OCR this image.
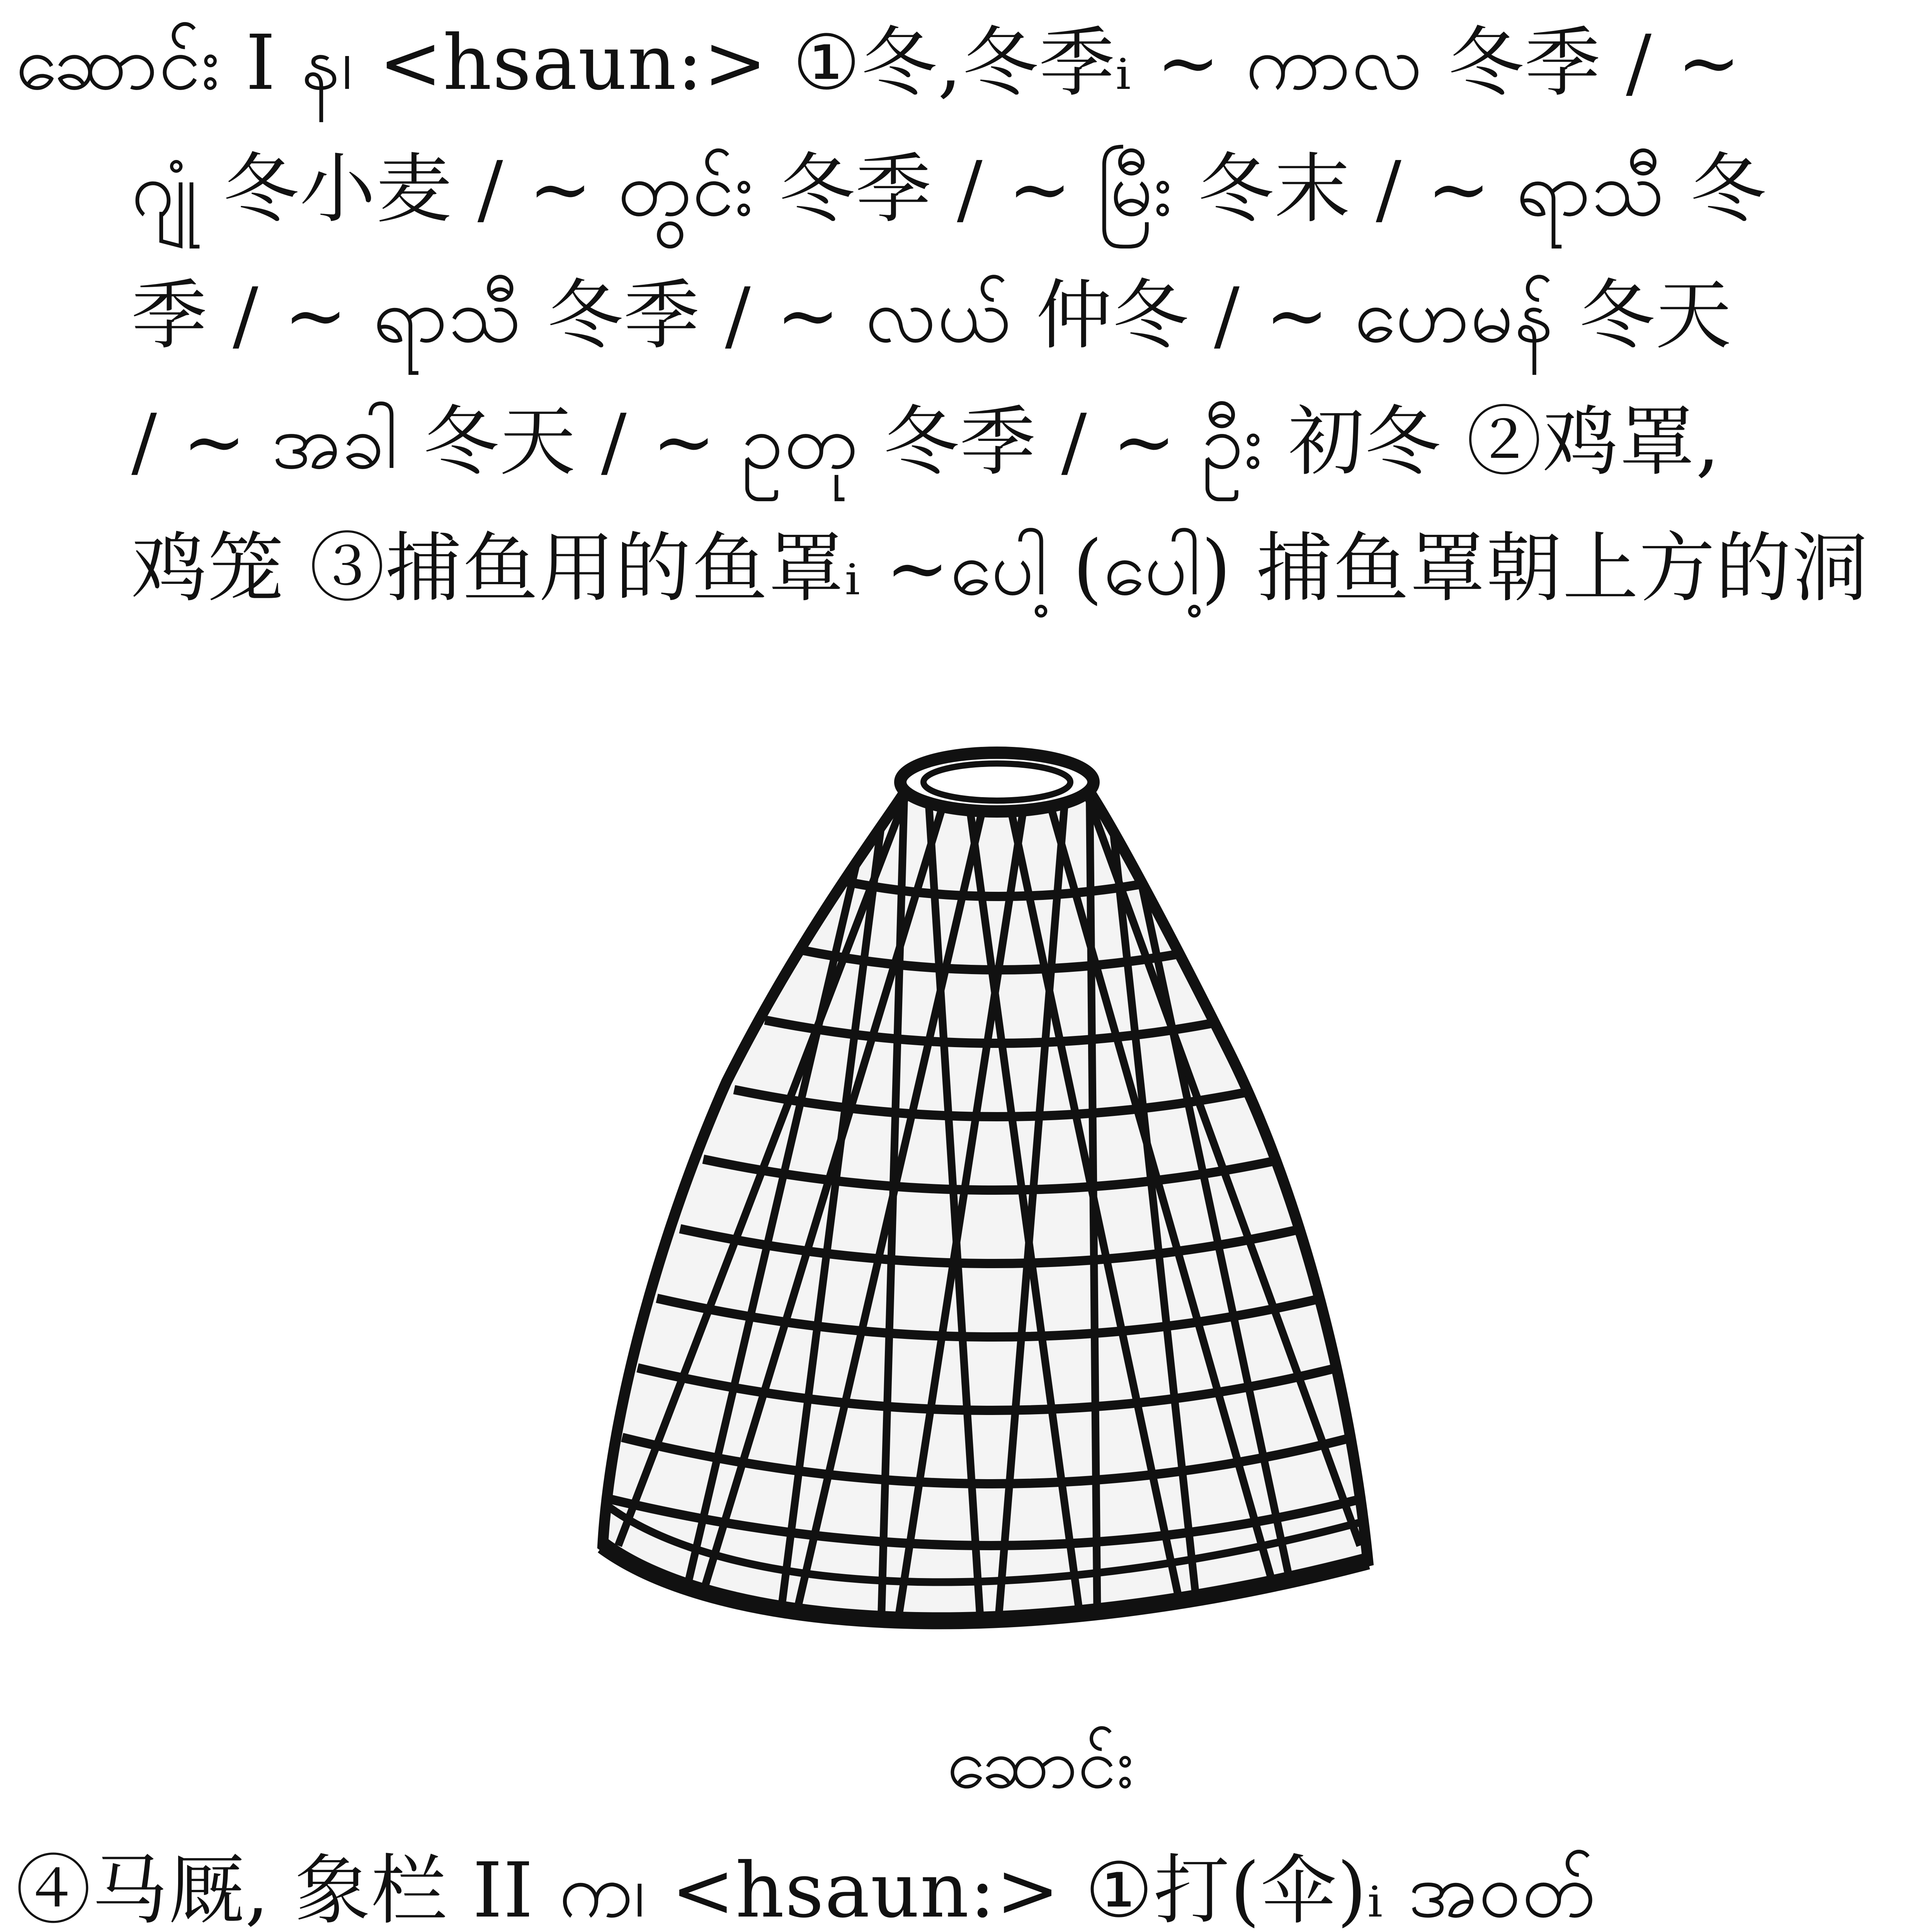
ဆောင်း I န၊ <hsaun:> ①冬,冬季ᵢ ~ ကာလ 冬季 / ~
ဂျုံ 冬小麦 / ~ တွင်း 冬季 / ~ မြီး 冬末 / ~ ရာသီ 冬
季 / ~ ရာသီ 冬季 / ~ လယ် 仲冬 / ~ ဟေမန် 冬天
/ ~ အခါ 冬天 / ~ ဥတု 冬季 / ~ ဦး 初冬 ②鸡罩,
鸡笼 ③捕鱼用的鱼罩ᵢ ~ပေါ့ (ပေါ့) 捕鱼罩朝上方的洞
ဆောင်း
④马厩, 象栏 II က၊ <hsaun:> ①打(伞)ᵢ အဝတ်
